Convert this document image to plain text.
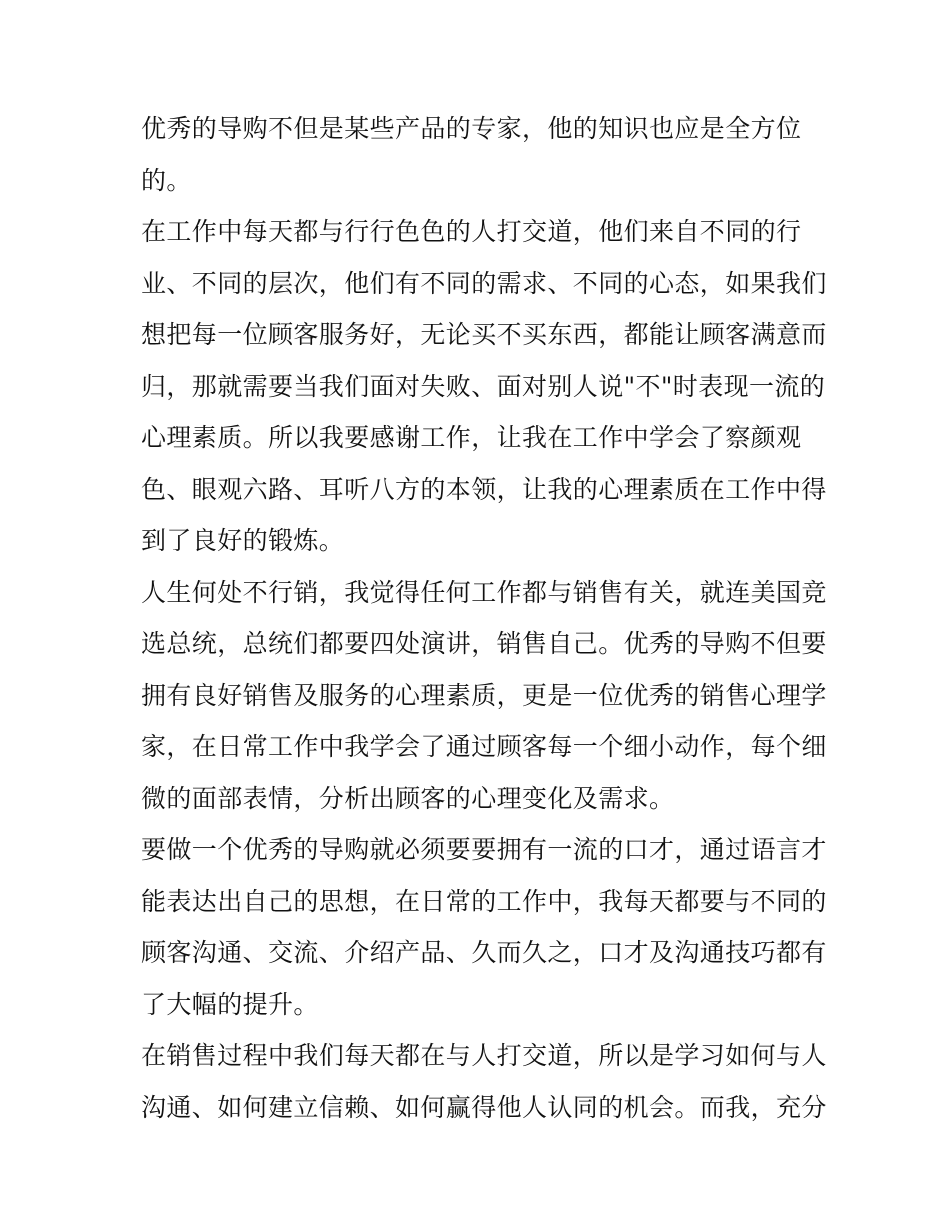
优秀的导购不但是某些产品的专家，他的知识也应是全方位
的。
在工作中每天都与行行色色的人打交道，他们来自不同的行
业、不同的层次，他们有不同的需求、不同的心态，如果我们
想把每一位顾客服务好，无论买不买东西，都能让顾客满意而
归，那就需要当我们面对失败、面对别人说"不"时表现一流的
心理素质。所以我要感谢工作，让我在工作中学会了察颜观
色、眼观六路、耳听八方的本领，让我的心理素质在工作中得
到了良好的锻炼。
人生何处不行销，我觉得任何工作都与销售有关，就连美国竞
选总统，总统们都要四处演讲，销售自己。优秀的导购不但要
拥有良好销售及服务的心理素质，更是一位优秀的销售心理学
家，在日常工作中我学会了通过顾客每一个细小动作，每个细
微的面部表情，分析出顾客的心理变化及需求。
要做一个优秀的导购就必须要要拥有一流的口才，通过语言才
能表达出自己的思想，在日常的工作中，我每天都要与不同的
顾客沟通、交流、介绍产品、久而久之，口才及沟通技巧都有
了大幅的提升。
在销售过程中我们每天都在与人打交道，所以是学习如何与人
沟通、如何建立信赖、如何赢得他人认同的机会。而我，充分
